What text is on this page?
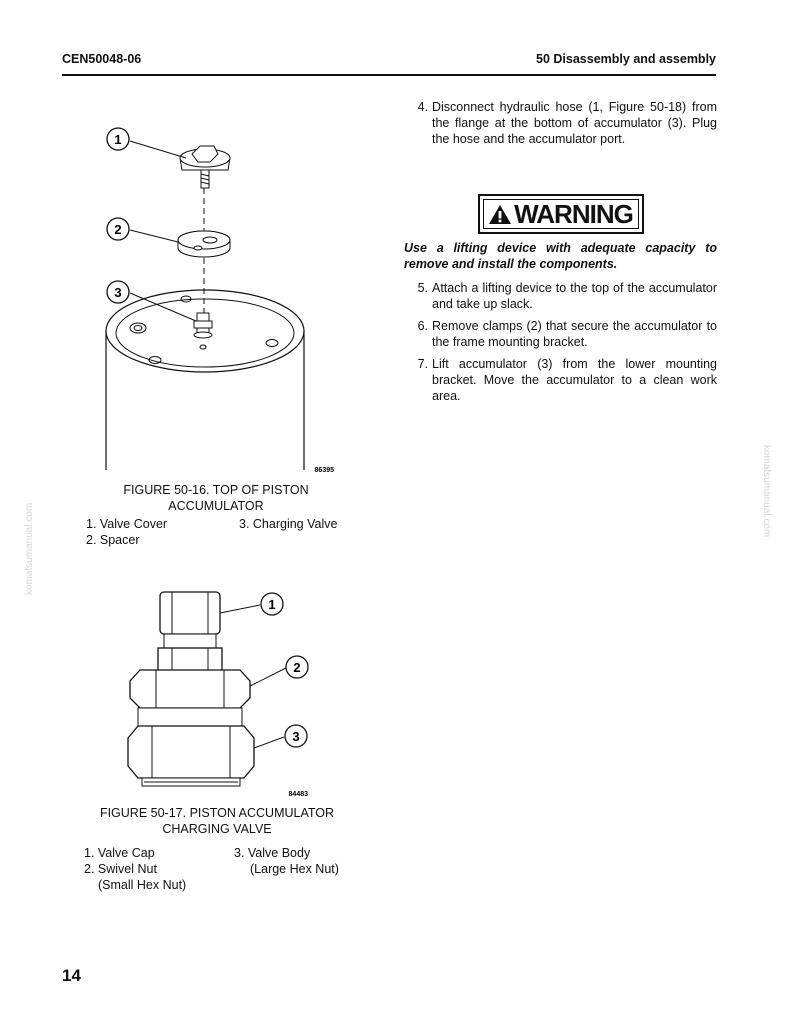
CEN50048-06	50 Disassembly and assembly
komatsumanual.com
komatsumanual.com
1
2
3
86395
FIGURE 50-16. TOP OF PISTON
ACCUMULATOR
1. Valve Cover
2. Spacer
3. Charging Valve
1
2
3
84483
FIGURE 50-17. PISTON ACCUMULATOR
CHARGING VALVE
1. Valve Cap
2. Swivel Nut
(Small Hex Nut)
3. Valve Body
(Large Hex Nut)
4. Disconnect hydraulic hose (1, Figure 50-18) from the flange at the bottom of accumulator (3). Plug the hose and the accumulator port.
WARNING
Use a lifting device with adequate capacity to remove and install the components.
5. Attach a lifting device to the top of the accumulator and take up slack.
6. Remove clamps (2) that secure the accumulator to the frame mounting bracket.
7. Lift accumulator (3) from the lower mounting bracket. Move the accumulator to a clean work area.
14
